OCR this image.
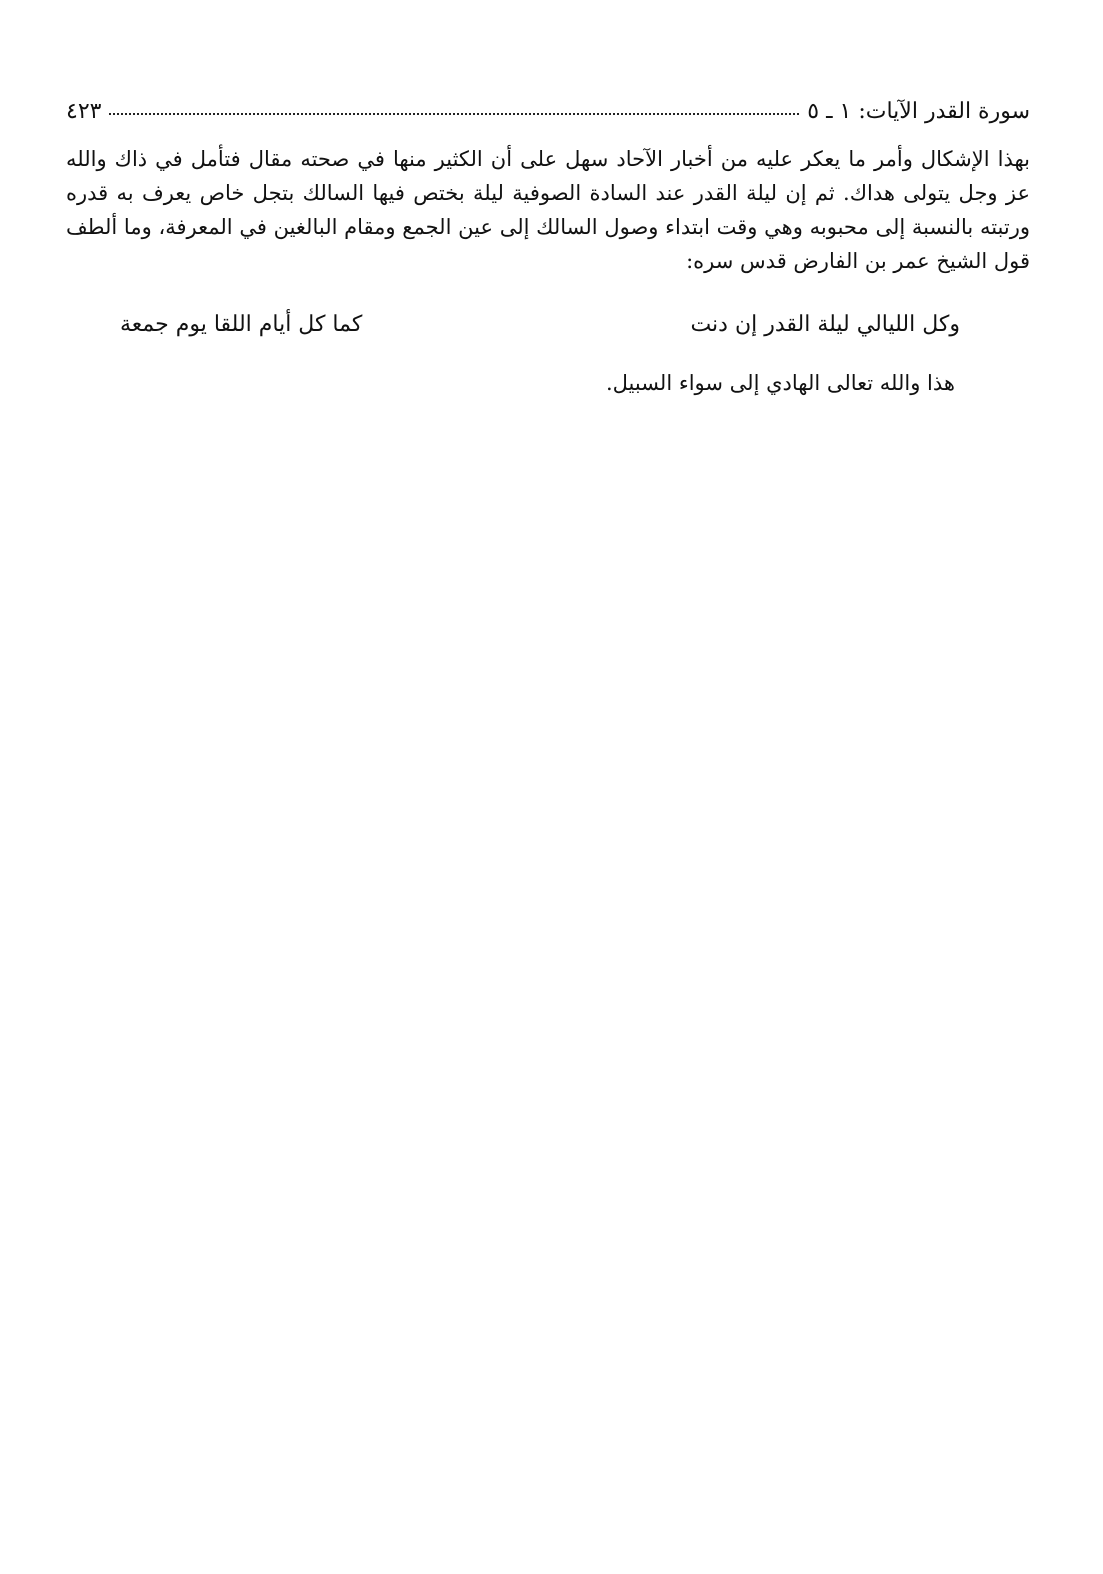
سورة القدر الآيات: ١ ـ ٥
٤٢٣

بهذا الإشكال وأمر ما يعكر عليه من أخبار الآحاد سهل على أن الكثير منها في صحته مقال فتأمل في ذاك والله عز وجل يتولى هداك. ثم إن ليلة القدر عند السادة الصوفية ليلة بختص فيها السالك بتجل خاص يعرف به قدره ورتبته بالنسبة إلى محبوبه وهي وقت ابتداء وصول السالك إلى عين الجمع ومقام البالغين في المعرفة، وما ألطف قول الشيخ عمر بن الفارض قدس سره:

وكل الليالي ليلة القدر إن دنت
كما كل أيام اللقا يوم جمعة
هذا والله تعالى الهادي إلى سواء السبيل.
